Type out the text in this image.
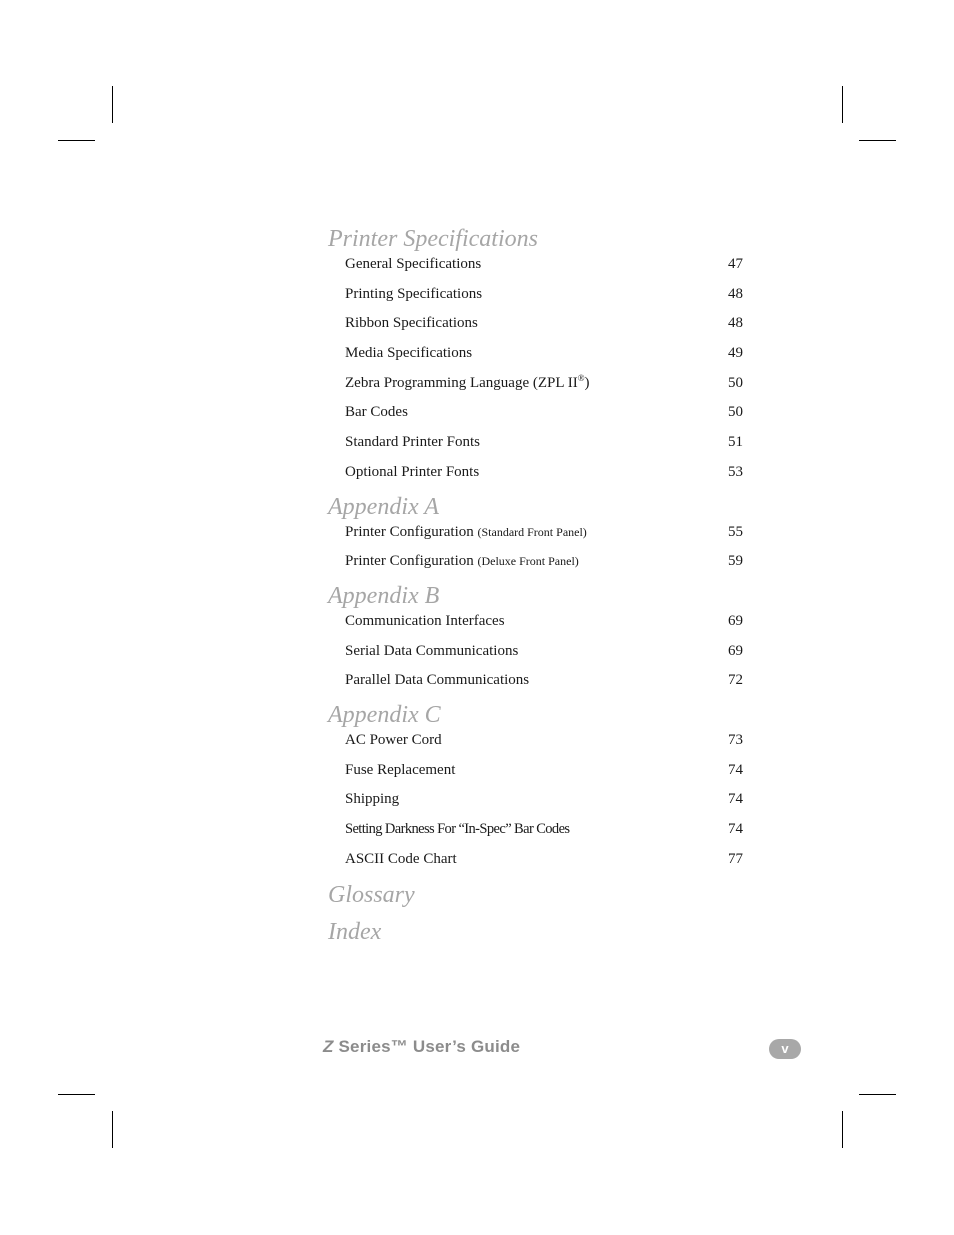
Printer Specifications
General Specifications	47
Printing Specifications	48
Ribbon Specifications	48
Media Specifications	49
Zebra Programming Language (ZPL II®)	50
Bar Codes	50
Standard Printer Fonts	51
Optional Printer Fonts	53
Appendix A
Printer Configuration (Standard Front Panel)	55
Printer Configuration (Deluxe Front Panel)	59
Appendix B
Communication Interfaces	69
Serial Data Communications	69
Parallel Data Communications	72
Appendix C
AC Power Cord	73
Fuse Replacement	74
Shipping	74
Setting Darkness For “In-Spec” Bar Codes	74
ASCII Code Chart	77
Glossary
Index
Z Series™ User’s Guide	v
